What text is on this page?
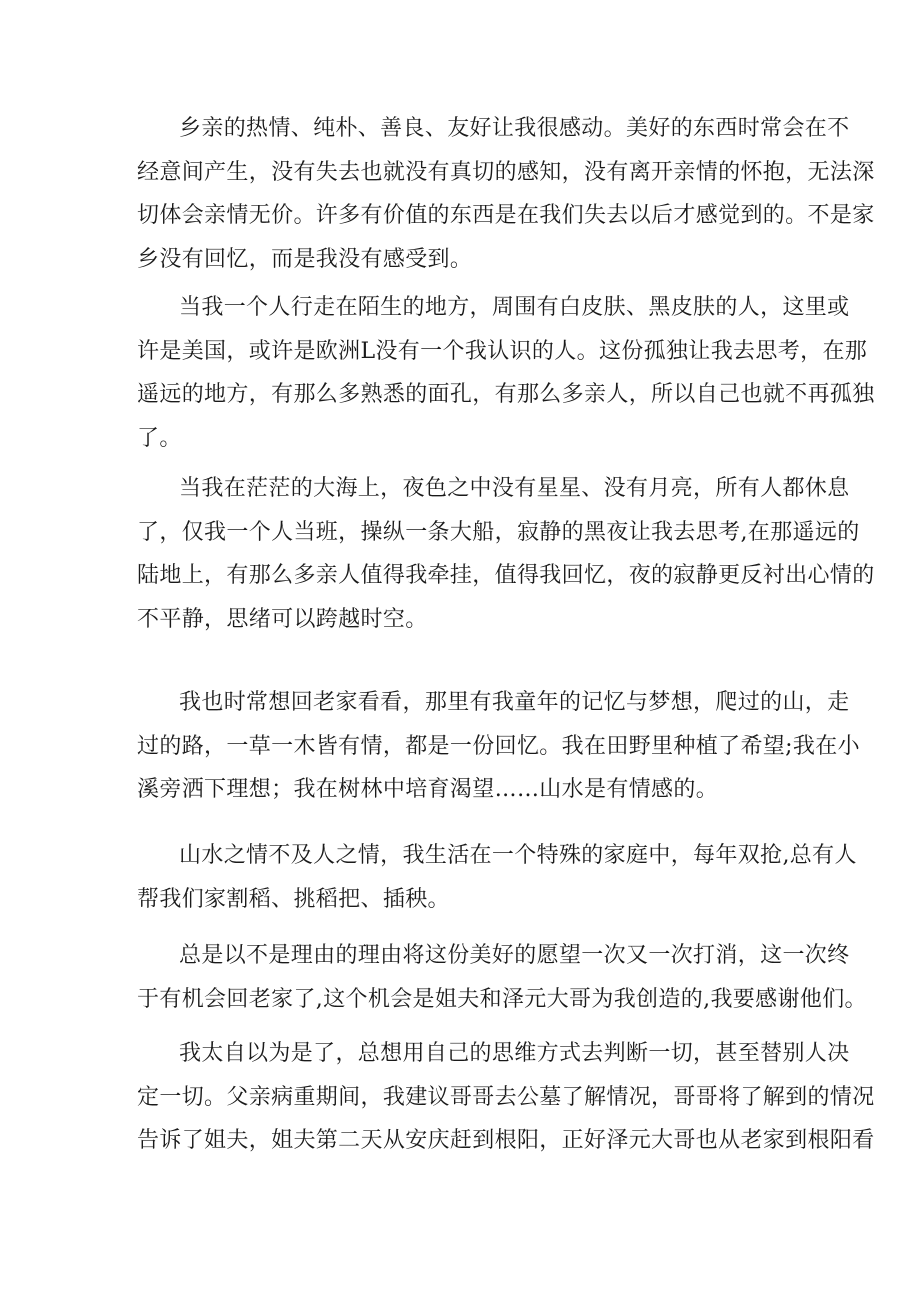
乡亲的热情、纯朴、善良、友好让我很感动。美好的东西时常会在不
经意间产生，没有失去也就没有真切的感知，没有离开亲情的怀抱，无法深
切体会亲情无价。许多有价值的东西是在我们失去以后才感觉到的。不是家
乡没有回忆，而是我没有感受到。

当我一个人行走在陌生的地方，周围有白皮肤、黑皮肤的人，这里或
许是美国，或许是欧洲L没有一个我认识的人。这份孤独让我去思考，在那
遥远的地方，有那么多熟悉的面孔，有那么多亲人，所以自己也就不再孤独
了。

当我在茫茫的大海上，夜色之中没有星星、没有月亮，所有人都休息
了，仅我一个人当班，操纵一条大船，寂静的黑夜让我去思考,在那遥远的
陆地上，有那么多亲人值得我牵挂，值得我回忆，夜的寂静更反衬出心情的
不平静，思绪可以跨越时空。

我也时常想回老家看看，那里有我童年的记忆与梦想，爬过的山，走
过的路，一草一木皆有情，都是一份回忆。我在田野里种植了希望;我在小
溪旁洒下理想；我在树林中培育渴望……山水是有情感的。

山水之情不及人之情，我生活在一个特殊的家庭中，每年双抢,总有人
帮我们家割稻、挑稻把、插秧。

总是以不是理由的理由将这份美好的愿望一次又一次打消，这一次终
于有机会回老家了,这个机会是姐夫和泽元大哥为我创造的,我要感谢他们。

我太自以为是了，总想用自己的思维方式去判断一切，甚至替别人决
定一切。父亲病重期间，我建议哥哥去公墓了解情况，哥哥将了解到的情况
告诉了姐夫，姐夫第二天从安庆赶到根阳，正好泽元大哥也从老家到根阳看
